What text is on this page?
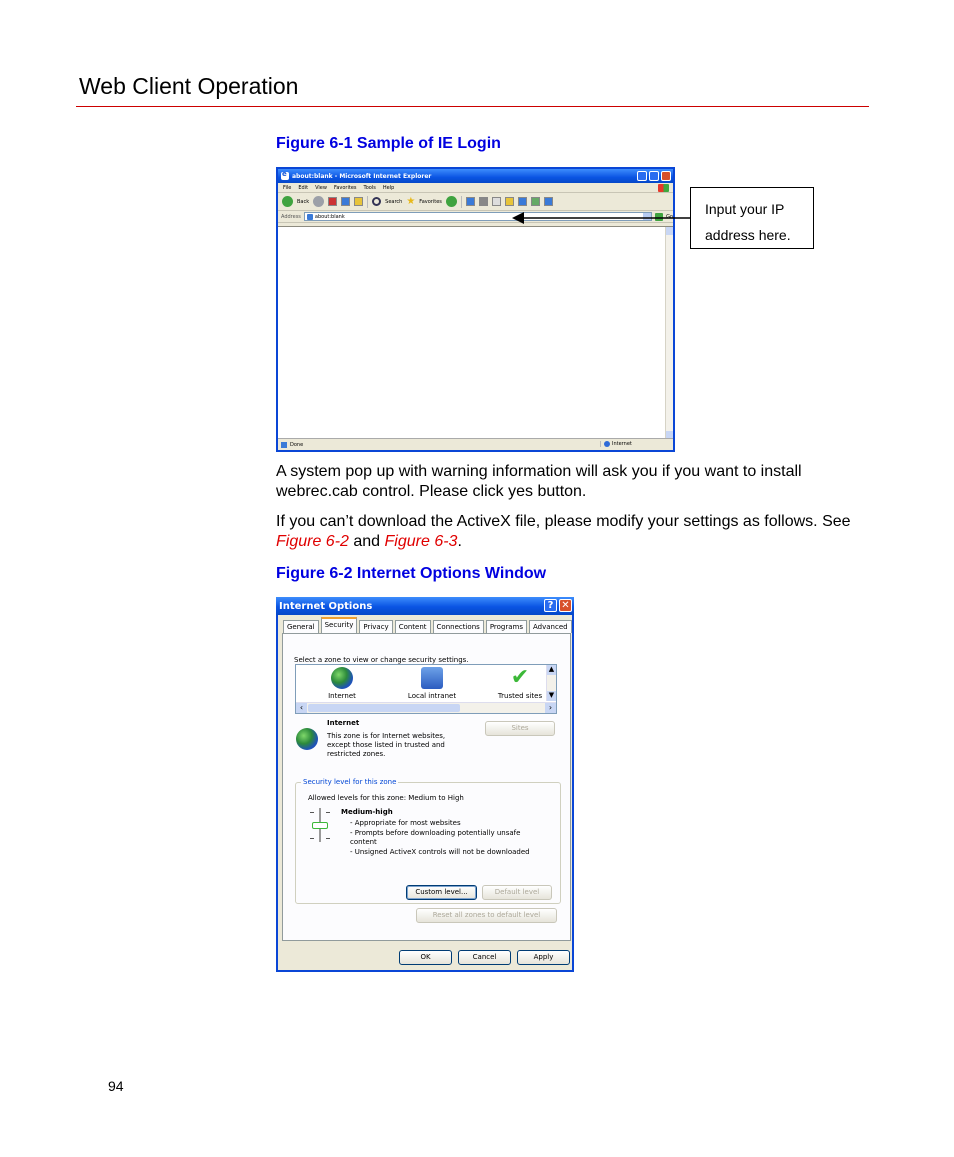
Web Client Operation
Figure 6-1 Sample of IE Login
e
about:blank - Microsoft Internet Explorer
File Edit View Favorites Tools Help
Back	Search ★ Favorites
Address	about:blank	Go
Done	Internet
Input your IP
address here.
A system pop up with warning information will ask you if you want to install webrec.cab control. Please click yes button.
If you can’t download the ActiveX file, please modify your settings as follows. See Figure 6-2 and Figure 6-3.
Figure 6-2 Internet Options Window
Internet Options	? ✕
General	Security	Privacy	Content	Connections	Programs	Advanced
Select a zone to view or change security settings.
Internet	Local intranet
✔
Trusted sites
▲
▼
‹	›
Internet
This zone is for Internet websites,
except those listed in trusted and
restricted zones.
Sites
Security level for this zone
Allowed levels for this zone: Medium to High
Medium-high
- Appropriate for most websites
- Prompts before downloading potentially unsafe
content
- Unsigned ActiveX controls will not be downloaded
Custom level...	Default level
Reset all zones to default level
OK	Cancel	Apply
94
